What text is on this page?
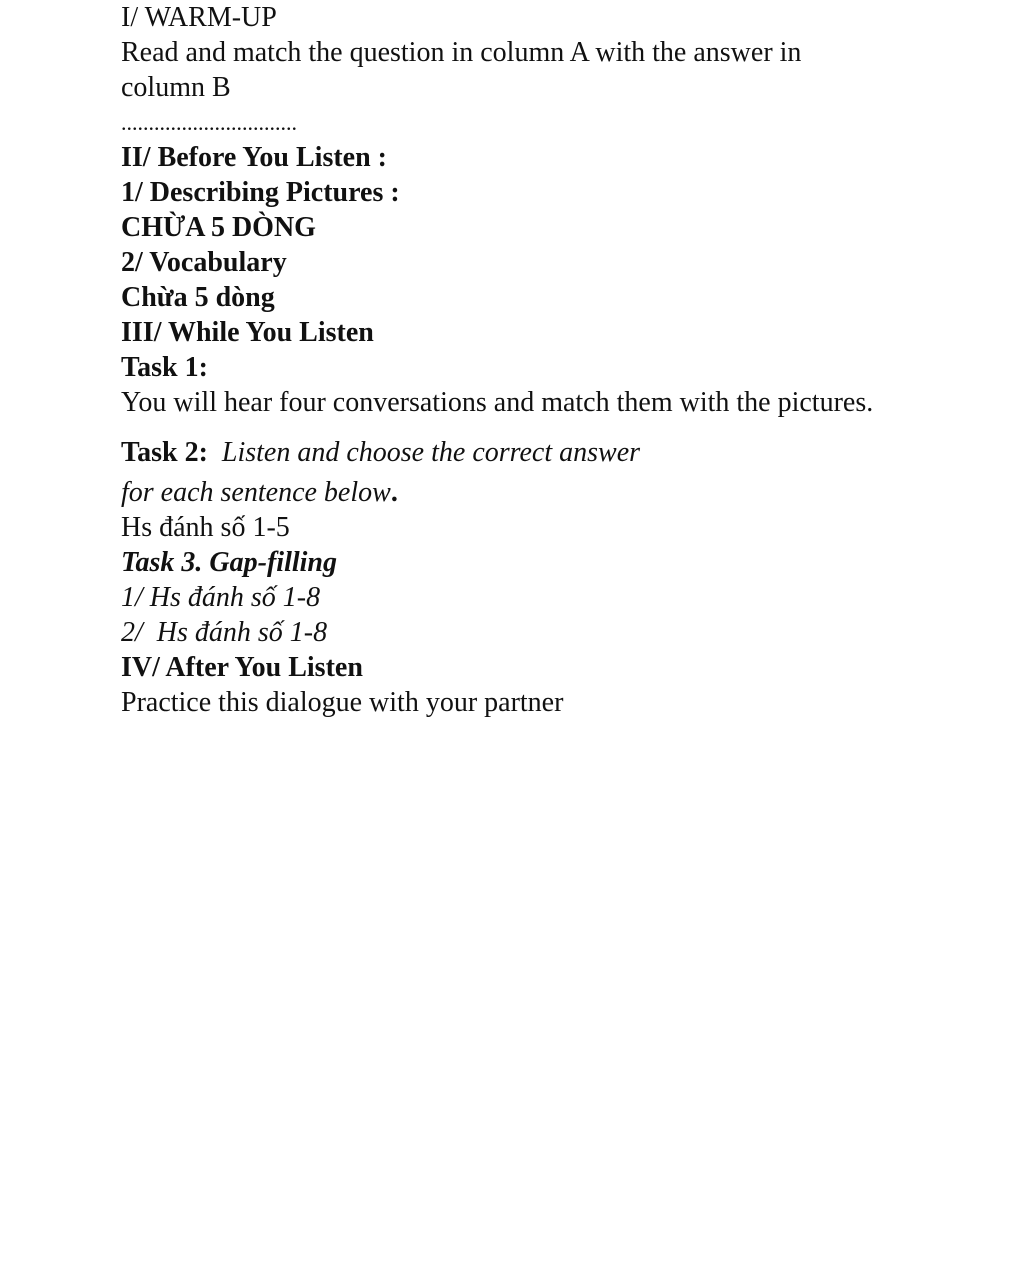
I/ WARM-UP
Read and match the question in column A with the answer in column B
................................
II/ Before You Listen :
1/ Describing Pictures :
CHỪA 5 DÒNG
2/ Vocabulary
Chừa 5 dòng
III/ While You Listen
Task 1:
You will hear four conversations and match them with the pictures.
Task 2: Listen and choose the correct answer
for each sentence below.
Hs đánh số 1-5
Task 3. Gap-filling
1/ Hs đánh số 1-8
2/  Hs đánh số 1-8
IV/ After You Listen
Practice this dialogue with your partner
